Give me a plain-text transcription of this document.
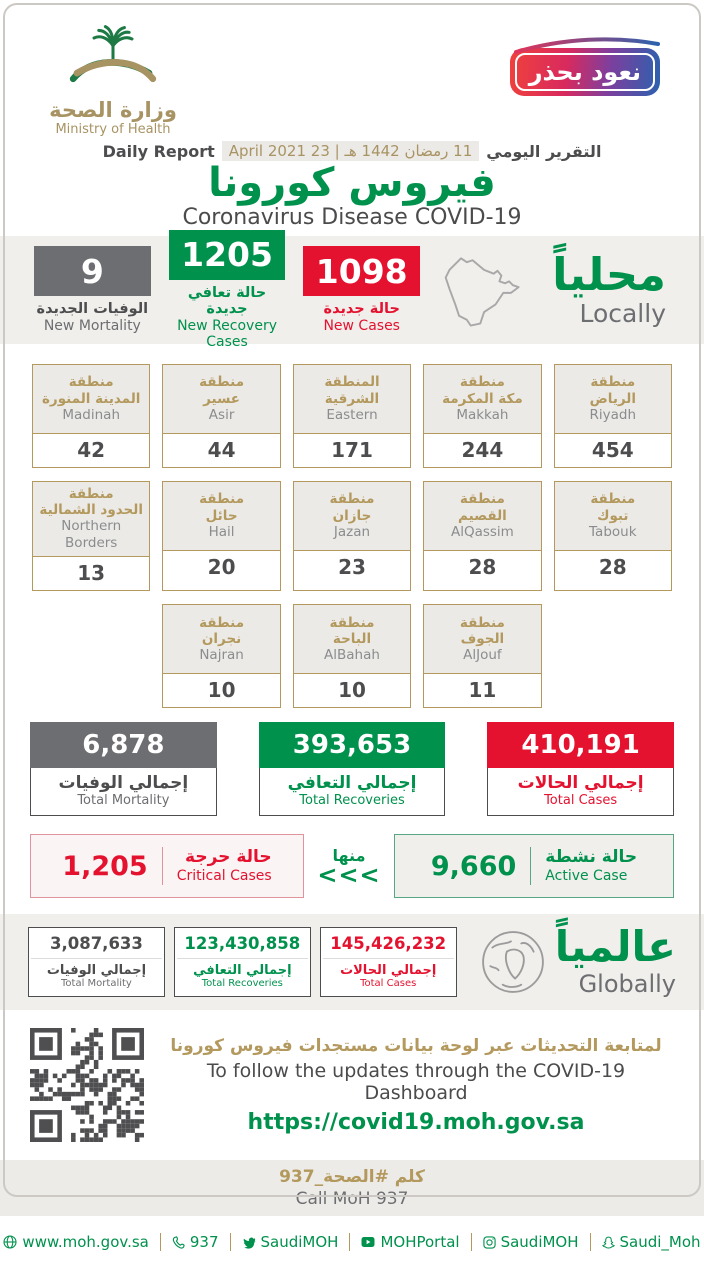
وزارة الصحة
Ministry of Health
نعود بحذر
Daily Report 11 رمضان 1442 هـ | 23 April 2021 التقرير اليومي
فيروس كورونا
Coronavirus Disease COVID-19
9
الوفيات الجديدة
New Mortality
1205
حالة تعافي جديدة
New Recovery Cases
1098
حالة جديدة
New Cases
محلياً
Locally
منطقة
المدينة المنورة
Madinah
42
منطقة
عسير
Asir
44
المنطقة
الشرقية
Eastern
171
منطقة
مكة المكرمة
Makkah
244
منطقة
الرياض
Riyadh
454
منطقة
الحدود الشمالية
Northern Borders
13
منطقة
حائل
Hail
20
منطقة
جازان
Jazan
23
منطقة
القصيم
AlQassim
28
منطقة
تبوك
Tabouk
28
منطقة
نجران
Najran
10
منطقة
الباحة
AlBahah
10
منطقة
الجوف
AlJouf
11
6,878
إجمالي الوفيات
Total Mortality
393,653
إجمالي التعافي
Total Recoveries
410,191
إجمالي الحالات
Total Cases
1,205	حالة حرجة
Critical Cases
منها
<<<	9,660 حالة نشطة
Active Case
3,087,633
إجمالي الوفيات
Total Mortality
123,430,858
إجمالي التعافي
Total Recoveries
145,426,232
إجمالي الحالات
Total Cases
عالمياً
Globally
لمتابعة التحديثات عبر لوحة بيانات مستجدات فيروس كورونا
To follow the updates through the COVID-19 Dashboard
https://covid19.moh.gov.sa
كلم #الصحة_937
Call MoH 937
www.moh.gov.sa	937	SaudiMOH	MOHPortal	SaudiMOH	Saudi_Moh
